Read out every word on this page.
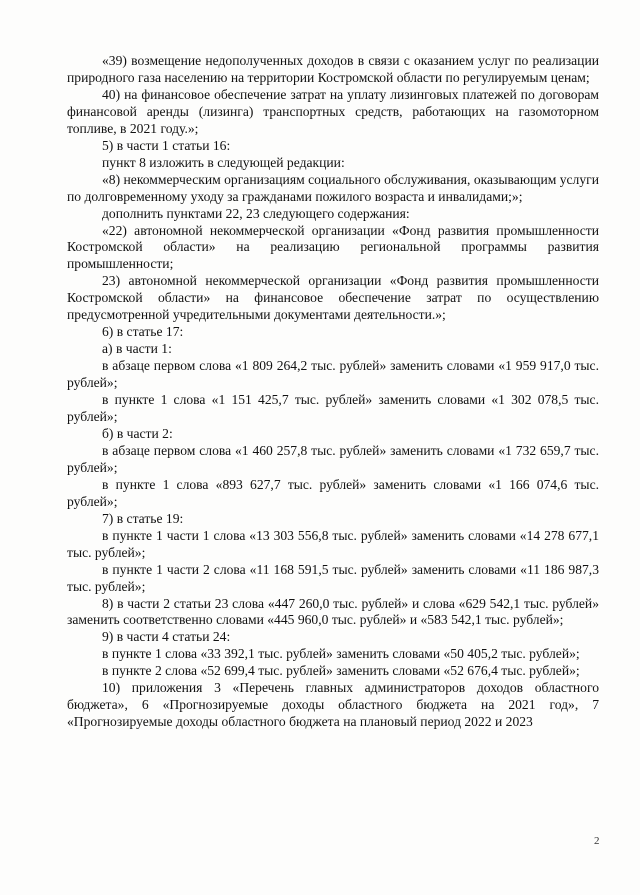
«39) возмещение недополученных доходов в связи с оказанием услуг по реализации природного газа населению на территории Костромской области по регулируемым ценам;

40) на финансовое обеспечение затрат на уплату лизинговых платежей по договорам финансовой аренды (лизинга) транспортных средств, работающих на газомоторном топливе, в 2021 году.»;

5) в части 1 статьи 16:

пункт 8 изложить в следующей редакции:

«8) некоммерческим организациям социального обслуживания, оказывающим услуги по долговременному уходу за гражданами пожилого возраста и инвалидами;»;

дополнить пунктами 22, 23 следующего содержания:

«22) автономной некоммерческой организации «Фонд развития промышленности Костромской области» на реализацию региональной программы развития промышленности;

23) автономной некоммерческой организации «Фонд развития промышленности Костромской области» на финансовое обеспечение затрат по осуществлению предусмотренной учредительными документами деятельности.»;

6) в статье 17:

а) в части 1:

в абзаце первом слова «1 809 264,2 тыс. рублей» заменить словами «1 959 917,0 тыс. рублей»;

в пункте 1 слова «1 151 425,7 тыс. рублей» заменить словами «1 302 078,5 тыс. рублей»;

б) в части 2:

в абзаце первом слова «1 460 257,8 тыс. рублей» заменить словами «1 732 659,7 тыс. рублей»;

в пункте 1 слова «893 627,7 тыс. рублей» заменить словами «1 166 074,6 тыс. рублей»;

7) в статье 19:

в пункте 1 части 1 слова «13 303 556,8 тыс. рублей» заменить словами «14 278 677,1 тыс. рублей»;

в пункте 1 части 2 слова «11 168 591,5 тыс. рублей» заменить словами «11 186 987,3 тыс. рублей»;

8) в части 2 статьи 23 слова «447 260,0 тыс. рублей» и слова «629 542,1 тыс. рублей» заменить соответственно словами «445 960,0 тыс. рублей» и «583 542,1 тыс. рублей»;

9) в части 4 статьи 24:

в пункте 1 слова «33 392,1 тыс. рублей» заменить словами «50 405,2 тыс. рублей»;

в пункте 2 слова «52 699,4 тыс. рублей» заменить словами «52 676,4 тыс. рублей»;

10) приложения 3 «Перечень главных администраторов доходов областного бюджета», 6 «Прогнозируемые доходы областного бюджета на 2021 год», 7 «Прогнозируемые доходы областного бюджета на плановый период 2022 и 2023

2
